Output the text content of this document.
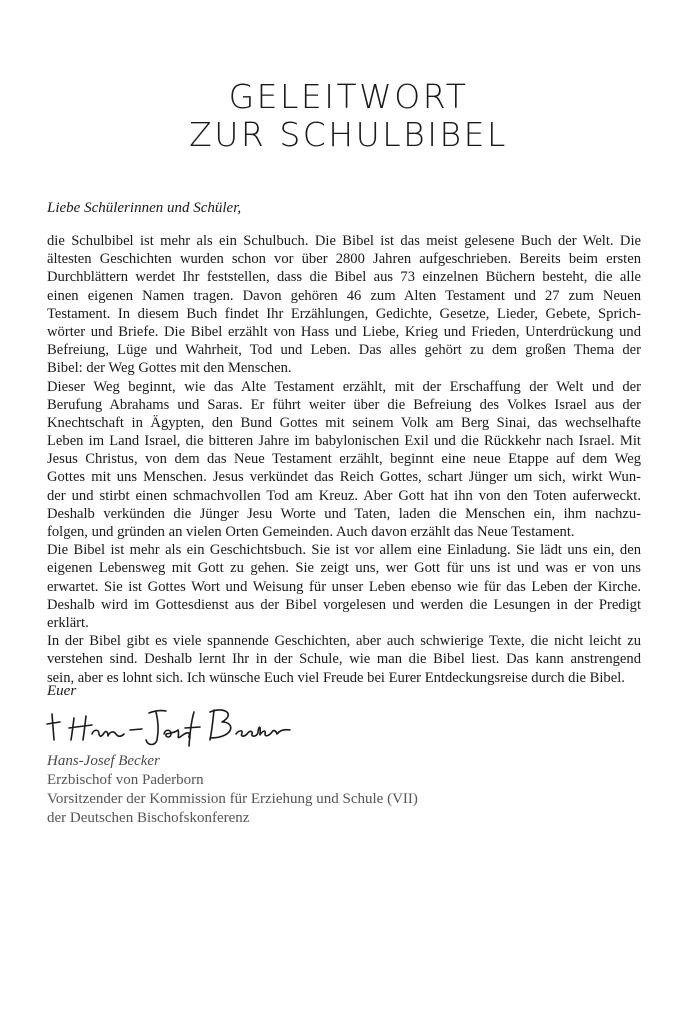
GELEITWORT
ZUR SCHULBIBEL
Liebe Schülerinnen und Schüler,
die Schulbibel ist mehr als ein Schulbuch. Die Bibel ist das meist gelesene Buch der Welt. Die
ältesten Geschichten wurden schon vor über 2800 Jahren aufgeschrieben. Bereits beim ersten
Durchblättern werdet Ihr feststellen, dass die Bibel aus 73 einzelnen Büchern besteht, die alle
einen eigenen Namen tragen. Davon gehören 46 zum Alten Testament und 27 zum Neuen
Testament. In diesem Buch findet Ihr Erzählungen, Gedichte, Gesetze, Lieder, Gebete, Sprich-
wörter und Briefe. Die Bibel erzählt von Hass und Liebe, Krieg und Frieden, Unterdrückung und
Befreiung, Lüge und Wahrheit, Tod und Leben. Das alles gehört zu dem großen Thema der
Bibel: der Weg Gottes mit den Menschen.
Dieser Weg beginnt, wie das Alte Testament erzählt, mit der Erschaffung der Welt und der
Berufung Abrahams und Saras. Er führt weiter über die Befreiung des Volkes Israel aus der
Knechtschaft in Ägypten, den Bund Gottes mit seinem Volk am Berg Sinai, das wechselhafte
Leben im Land Israel, die bitteren Jahre im babylonischen Exil und die Rückkehr nach Israel. Mit
Jesus Christus, von dem das Neue Testament erzählt, beginnt eine neue Etappe auf dem Weg
Gottes mit uns Menschen. Jesus verkündet das Reich Gottes, schart Jünger um sich, wirkt Wun-
der und stirbt einen schmachvollen Tod am Kreuz. Aber Gott hat ihn von den Toten auferweckt.
Deshalb verkünden die Jünger Jesu Worte und Taten, laden die Menschen ein, ihm nachzu-
folgen, und gründen an vielen Orten Gemeinden. Auch davon erzählt das Neue Testament.
Die Bibel ist mehr als ein Geschichtsbuch. Sie ist vor allem eine Einladung. Sie lädt uns ein, den
eigenen Lebensweg mit Gott zu gehen. Sie zeigt uns, wer Gott für uns ist und was er von uns
erwartet. Sie ist Gottes Wort und Weisung für unser Leben ebenso wie für das Leben der Kirche.
Deshalb wird im Gottesdienst aus der Bibel vorgelesen und werden die Lesungen in der Predigt
erklärt.
In der Bibel gibt es viele spannende Geschichten, aber auch schwierige Texte, die nicht leicht zu
verstehen sind. Deshalb lernt Ihr in der Schule, wie man die Bibel liest. Das kann anstrengend
sein, aber es lohnt sich. Ich wünsche Euch viel Freude bei Eurer Entdeckungsreise durch die Bibel.
Euer
Hans-Josef Becker
Erzbischof von Paderborn
Vorsitzender der Kommission für Erziehung und Schule (VII)
der Deutschen Bischofskonferenz
